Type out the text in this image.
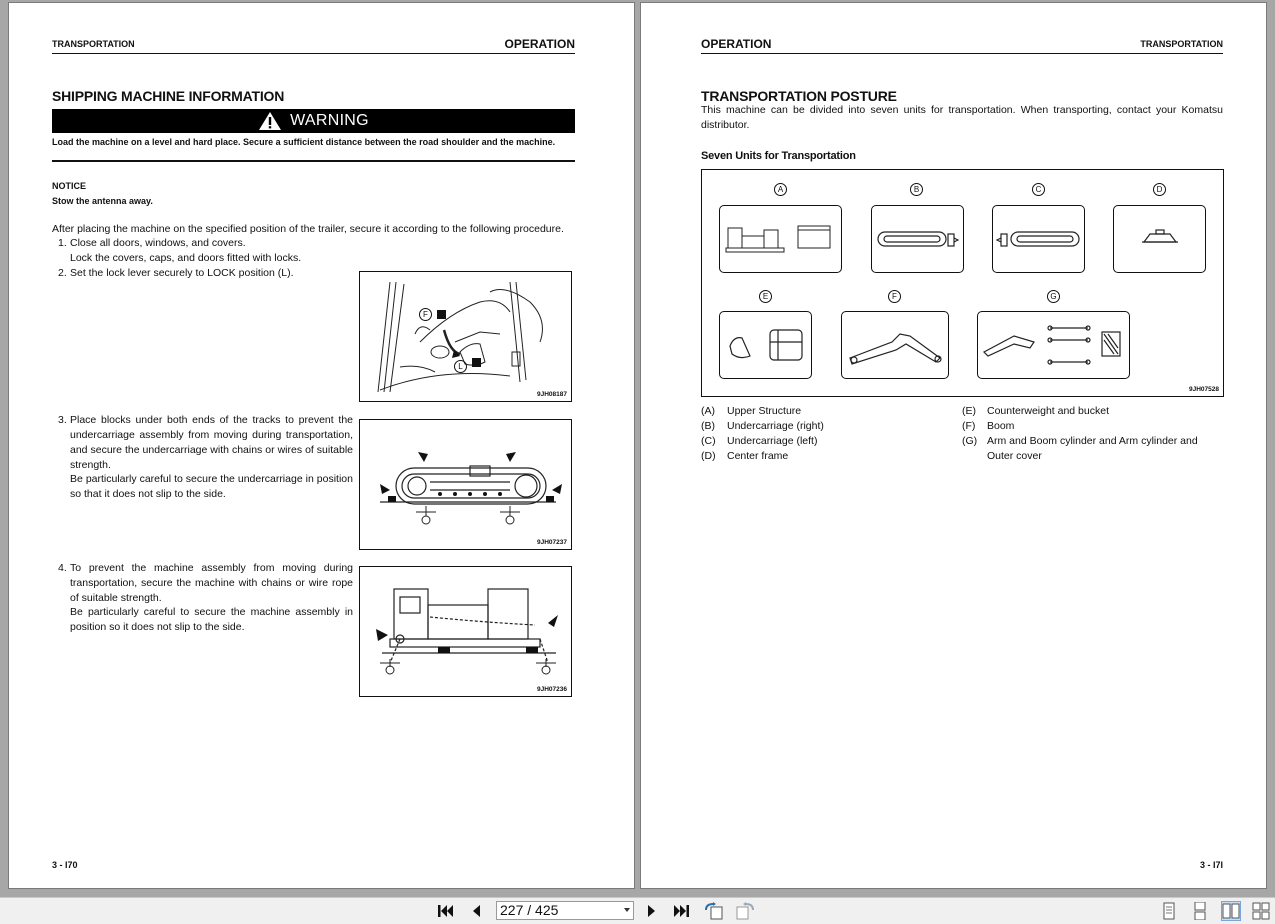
TRANSPORTATION	OPERATION
SHIPPING MACHINE INFORMATION
WARNING
Load the machine on a level and hard place. Secure a sufficient distance between the road shoulder and the machine.
NOTICE
Stow the antenna away.
After placing the machine on the specified position of the trailer, secure it according to the following procedure.
1. Close all doors, windows, and covers.
Lock the covers, caps, and doors fitted with locks.
2. Set the lock lever securely to LOCK position (L).
F
L
9JH08187
3. Place blocks under both ends of the tracks to prevent the undercarriage assembly from moving during transportation, and secure the undercarriage with chains or wires of suitable strength.
Be particularly careful to secure the undercarriage in position so that it does not slip to the side.
9JH07237
4. To prevent the machine assembly from moving during transportation, secure the machine with chains or wire rope of suitable strength.
Be particularly careful to secure the machine assembly in position so it does not slip to the side.
9JH07236
3 - I70
OPERATION	TRANSPORTATION
TRANSPORTATION POSTURE
This machine can be divided into seven units for transportation. When transporting, contact your Komatsu distributor.
Seven Units for Transportation
A	B	C	D
E	F	G
9JH07528
(A) Upper Structure
(B) Undercarriage (right)
(C) Undercarriage (left)
(D) Center frame
(E) Counterweight and bucket
(F) Boom
(G) Arm and Boom cylinder and Arm cylinder and
Outer cover
3 - I7I
227 / 425
